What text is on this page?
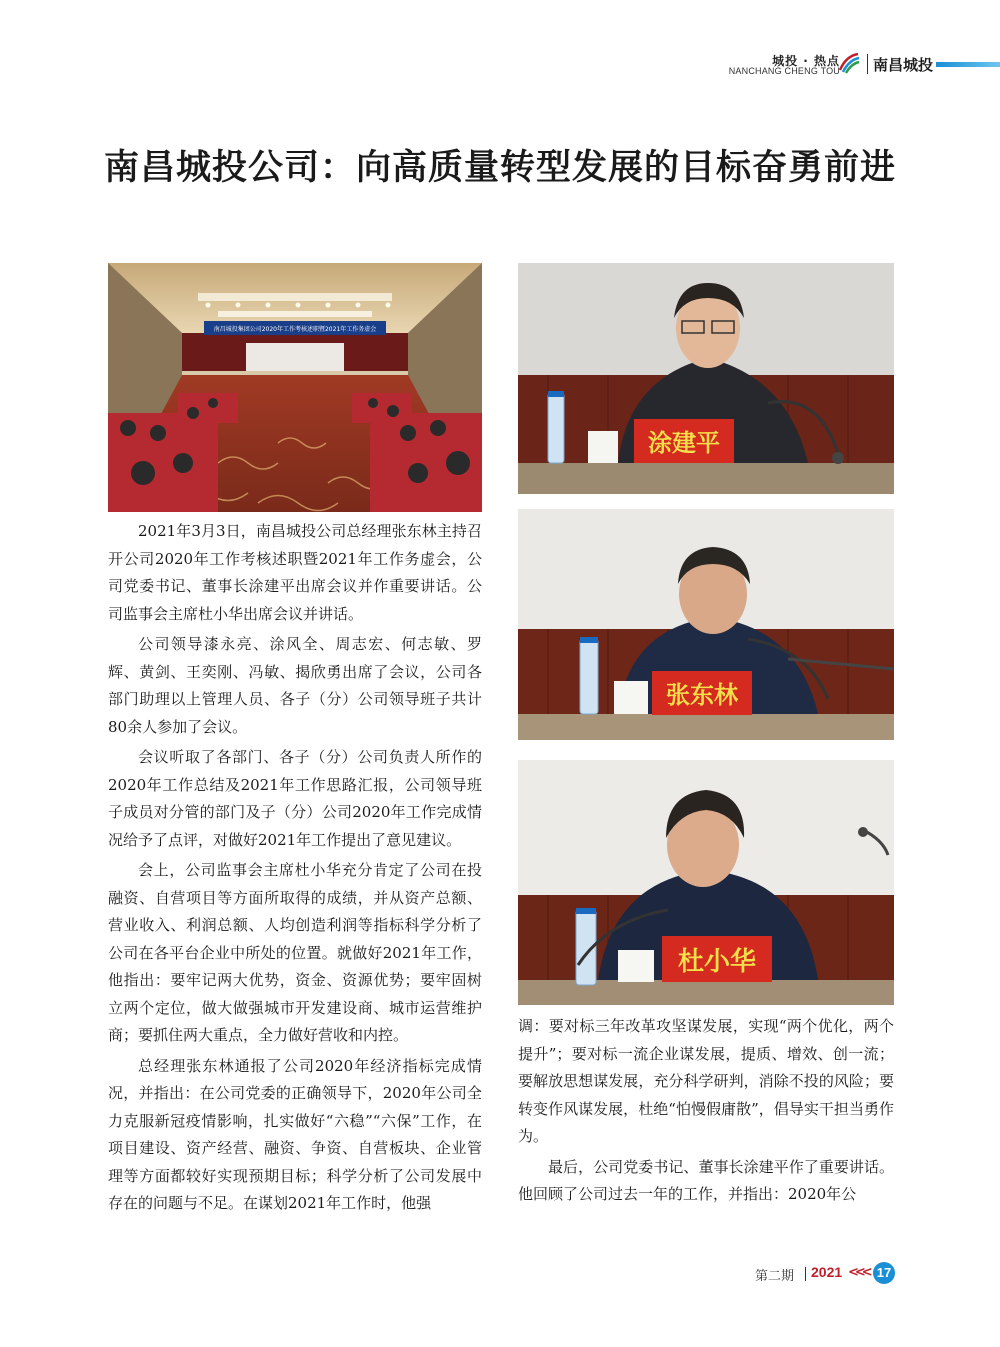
城投 · 热点
NANCHANG CHENG TOU 南昌城投
南昌城投公司：向高质量转型发展的目标奋勇前进
南昌城投集团公司2020年工作考核述职暨2021年工作务虚会
涂建平
张东林
杜小华

2021年3月3日，南昌城投公司总经理张东林主持召开公司2020年工作考核述职暨2021年工作务虚会，公司党委书记、董事长涂建平出席会议并作重要讲话。公司监事会主席杜小华出席会议并讲话。

公司领导漆永亮、涂风全、周志宏、何志敏、罗辉、黄剑、王奕刚、冯敏、揭欣勇出席了会议，公司各部门助理以上管理人员、各子（分）公司领导班子共计80余人参加了会议。

会议听取了各部门、各子（分）公司负责人所作的2020年工作总结及2021年工作思路汇报，公司领导班子成员对分管的部门及子（分）公司2020年工作完成情况给予了点评，对做好2021年工作提出了意见建议。

会上，公司监事会主席杜小华充分肯定了公司在投融资、自营项目等方面所取得的成绩，并从资产总额、营业收入、利润总额、人均创造利润等指标科学分析了公司在各平台企业中所处的位置。就做好2021年工作，他指出：要牢记两大优势，资金、资源优势；要牢固树立两个定位，做大做强城市开发建设商、城市运营维护商；要抓住两大重点，全力做好营收和内控。

总经理张东林通报了公司2020年经济指标完成情况，并指出：在公司党委的正确领导下，2020年公司全力克服新冠疫情影响，扎实做好“六稳”“六保”工作，在项目建设、资产经营、融资、争资、自营板块、企业管理等方面都较好实现预期目标；科学分析了公司发展中存在的问题与不足。在谋划2021年工作时，他强

调：要对标三年改革攻坚谋发展，实现“两个优化，两个提升”；要对标一流企业谋发展，提质、增效、创一流；要解放思想谋发展，充分科学研判，消除不投的风险；要转变作风谋发展，杜绝“怕慢假庸散”，倡导实干担当勇作为。

最后，公司党委书记、董事长涂建平作了重要讲话。他回顾了公司过去一年的工作，并指出：2020年公

第二期 2021 <<< 17
